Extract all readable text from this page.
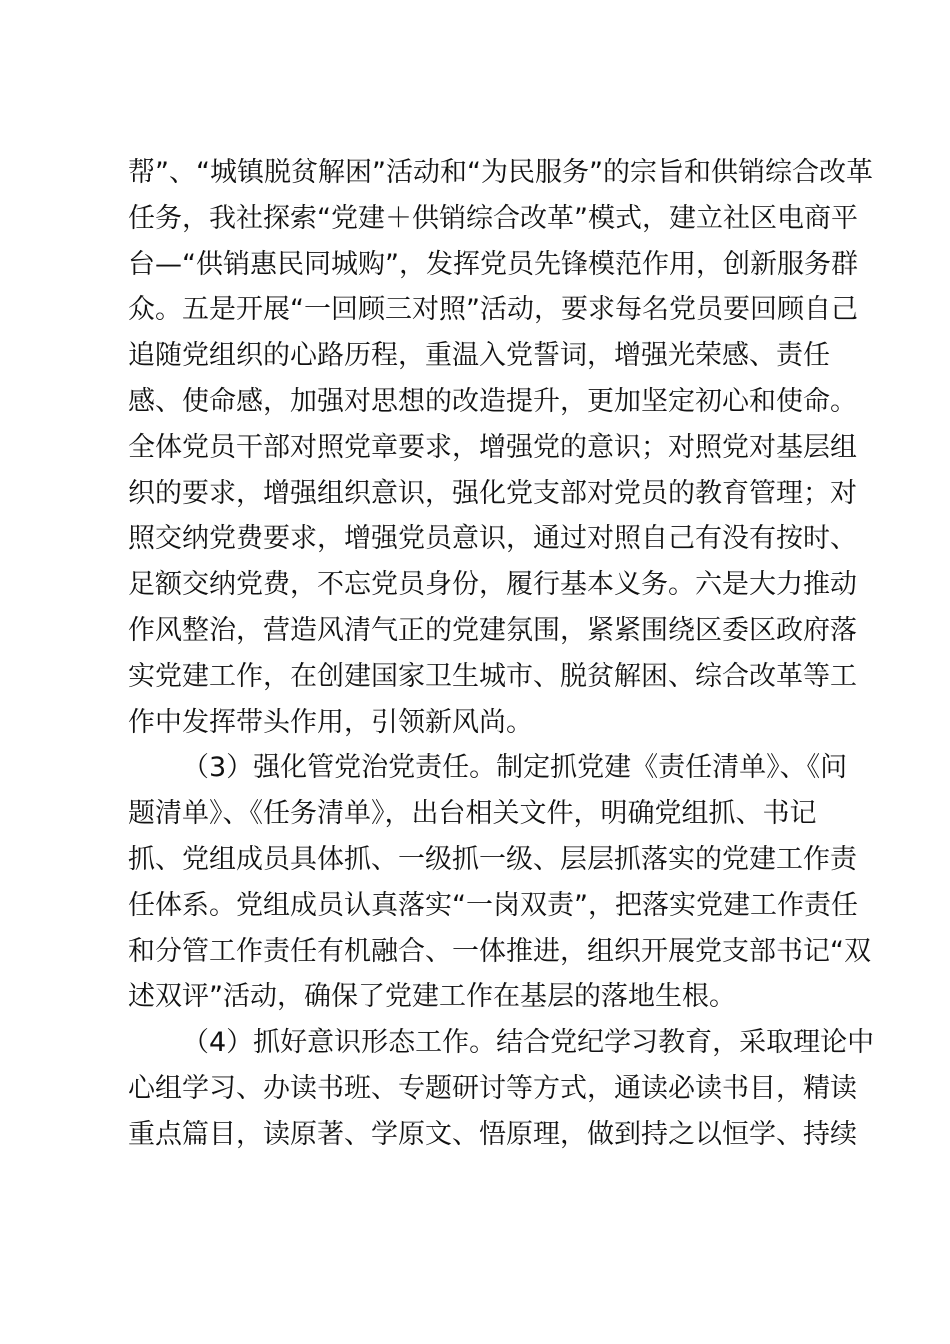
帮”、“城镇脱贫解困”活动和“为民服务”的宗旨和供销综合改革
任务，我社探索“党建＋供销综合改革”模式，建立社区电商平
台—“供销惠民同城购”，发挥党员先锋模范作用，创新服务群
众。五是开展“一回顾三对照”活动，要求每名党员要回顾自己
追随党组织的心路历程，重温入党誓词，增强光荣感、责任
感、使命感，加强对思想的改造提升，更加坚定初心和使命。
全体党员干部对照党章要求，增强党的意识；对照党对基层组
织的要求，增强组织意识，强化党支部对党员的教育管理；对
照交纳党费要求，增强党员意识，通过对照自己有没有按时、
足额交纳党费，不忘党员身份，履行基本义务。六是大力推动
作风整治，营造风清气正的党建氛围，紧紧围绕区委区政府落
实党建工作，在创建国家卫生城市、脱贫解困、综合改革等工
作中发挥带头作用，引领新风尚。
（3）强化管党治党责任。制定抓党建《责任清单》、《问
题清单》、《任务清单》，出台相关文件，明确党组抓、书记
抓、党组成员具体抓、一级抓一级、层层抓落实的党建工作责
任体系。党组成员认真落实“一岗双责”，把落实党建工作责任
和分管工作责任有机融合、一体推进，组织开展党支部书记“双
述双评”活动，确保了党建工作在基层的落地生根。
（4）抓好意识形态工作。结合党纪学习教育，采取理论中
心组学习、办读书班、专题研讨等方式，通读必读书目，精读
重点篇目，读原著、学原文、悟原理，做到持之以恒学、持续
